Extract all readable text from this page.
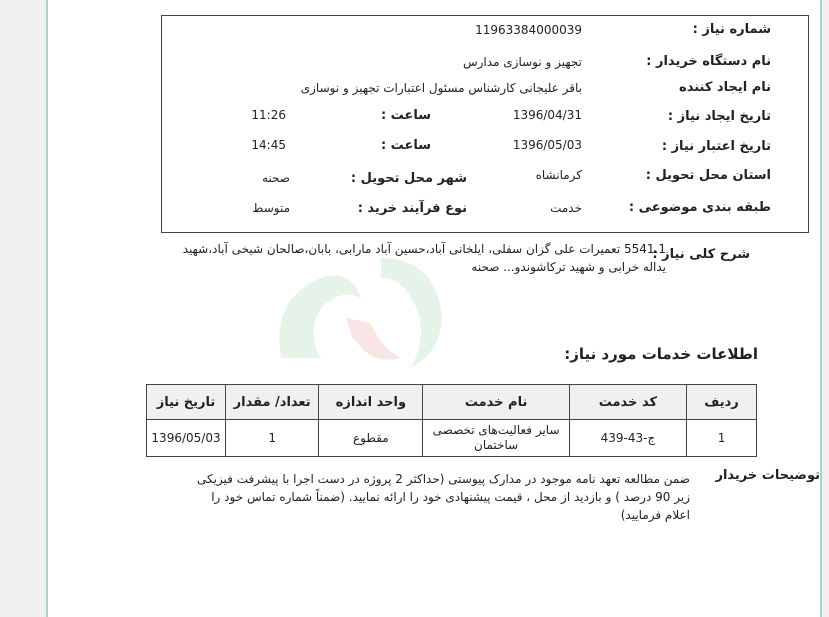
شماره نیاز :
11963384000039
نام دستگاه خریدار :
تجهیز و نوسازی مدارس
نام ایجاد کننده
باقر علیجانی کارشناس مسئول اعتبارات تجهیز و نوسازی
تاریخ ایجاد نیاز :
1396/04/31
ساعت :
11:26
تاریخ اعتبار نیاز :
1396/05/03
ساعت :
14:45
استان محل تحویل :
کرمانشاه
شهر محل تحویل :
صحنه
طبقه بندی موضوعی :
خدمت
نوع فرآیند خرید :
متوسط
شرح کلی نیاز :
5541.1 تعمیرات علی گزان سفلی، ایلخانی آباد،حسین آباد مارابی، بابان،صالحان شیخی آباد،شهید یداله خرابی و شهید ترکاشوندو... صحنه
اطلاعات خدمات مورد نیاز:
ردیف	کد خدمت	نام خدمت	واحد اندازه	تعداد/ مقدار	تاریخ نیاز
1	ج-43-439	سایر فعالیت‌های تخصصی ساختمان	مقطوع	1	1396/05/03
توضیحات خریدار
ضمن مطالعه تعهد نامه موجود در مدارک پیوستی (حداکثر 2 پروژه در دست اجرا با پیشرفت فیزیکی زیر 90 درصد ) و بازدید از محل ، قیمت پیشنهادی خود را ارائه نمایید. (ضمناً شماره تماس خود را اعلام فرمایید)
